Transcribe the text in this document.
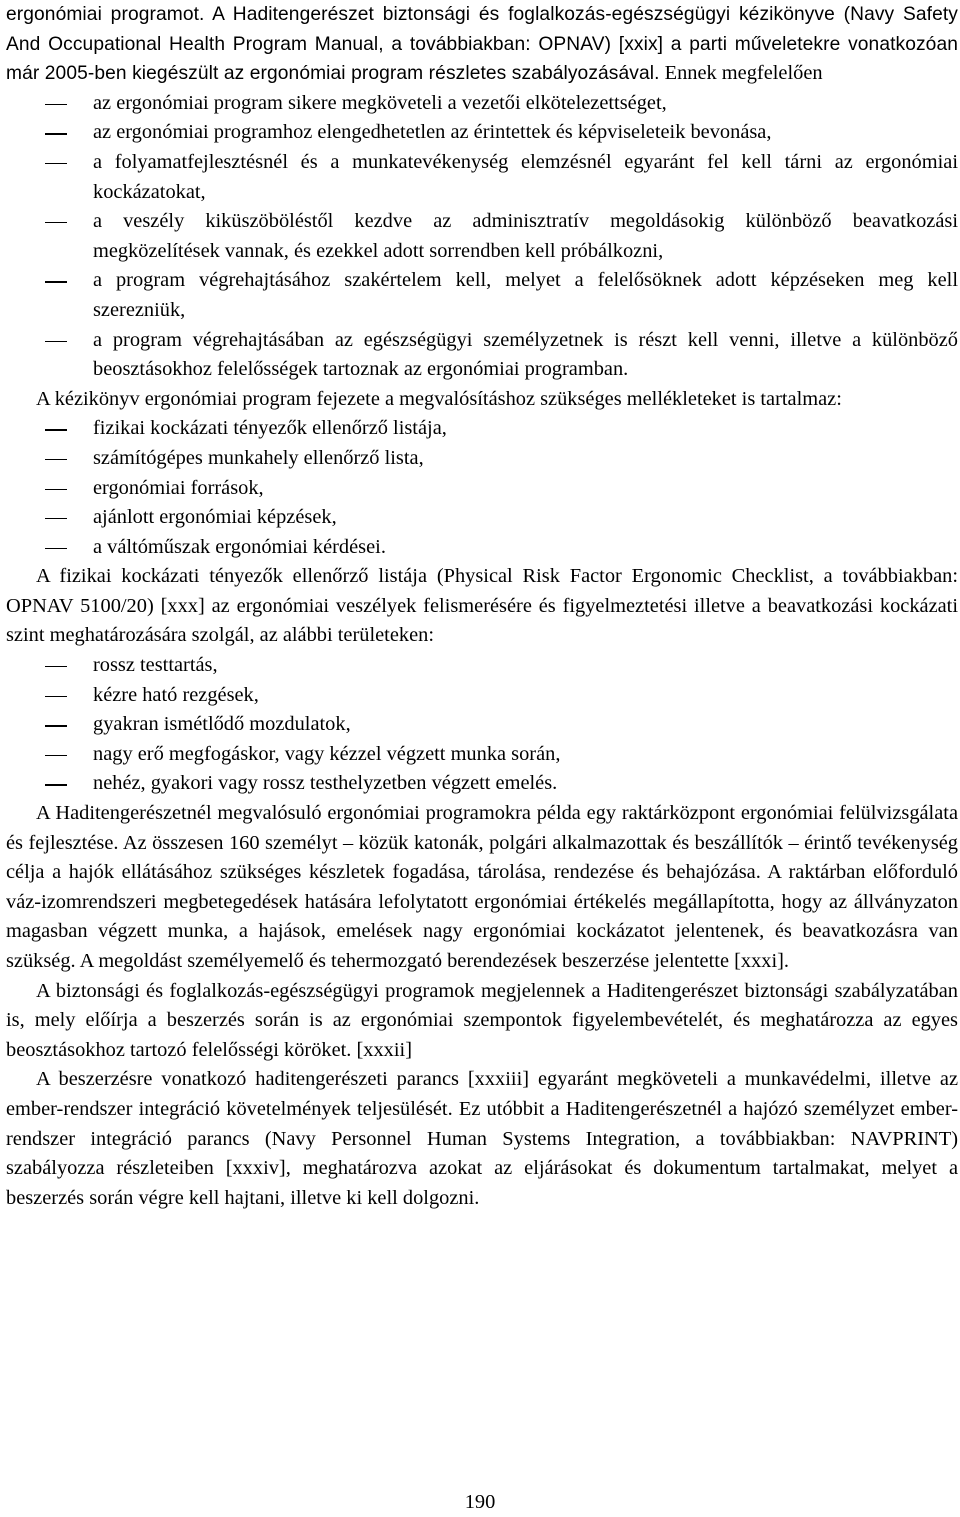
ergonómiai programot. A Haditengerészet biztonsági és foglalkozás-egészségügyi kézikönyve (Navy Safety And Occupational Health Program Manual, a továbbiakban: OPNAV) [xxix] a parti műveletekre vonatkozóan már 2005-ben kiegészült az ergonómiai program részletes szabályozásával. Ennek megfelelően

az ergonómiai program sikere megköveteli a vezetői elkötelezettséget,
az ergonómiai programhoz elengedhetetlen az érintettek és képviseleteik bevonása,
a folyamatfejlesztésnél és a munkatevékenység elemzésnél egyaránt fel kell tárni az ergonómiai kockázatokat,
a veszély kiküszöböléstől kezdve az adminisztratív megoldásokig különböző beavatkozási megközelítések vannak, és ezekkel adott sorrendben kell próbálkozni,
a program végrehajtásához szakértelem kell, melyet a felelősöknek adott képzéseken meg kell szerezniük,
a program végrehajtásában az egészségügyi személyzetnek is részt kell venni, illetve a különböző beosztásokhoz felelősségek tartoznak az ergonómiai programban.

A kézikönyv ergonómiai program fejezete a megvalósításhoz szükséges mellékleteket is tartalmaz:

fizikai kockázati tényezők ellenőrző listája,
számítógépes munkahely ellenőrző lista,
ergonómiai források,
ajánlott ergonómiai képzések,
a váltóműszak ergonómiai kérdései.

A fizikai kockázati tényezők ellenőrző listája (Physical Risk Factor Ergonomic Checklist, a továbbiakban: OPNAV 5100/20) [xxx] az ergonómiai veszélyek felismerésére és figyelmeztetési illetve a beavatkozási kockázati szint meghatározására szolgál, az alábbi területeken:

rossz testtartás,
kézre ható rezgések,
gyakran ismétlődő mozdulatok,
nagy erő megfogáskor, vagy kézzel végzett munka során,
nehéz, gyakori vagy rossz testhelyzetben végzett emelés.

A Haditengerészetnél megvalósuló ergonómiai programokra példa egy raktárközpont ergonómiai felülvizsgálata és fejlesztése. Az összesen 160 személyt – közük katonák, polgári alkalmazottak és beszállítók – érintő tevékenység célja a hajók ellátásához szükséges készletek fogadása, tárolása, rendezése és behajózása. A raktárban előforduló váz-izomrendszeri megbetegedések hatására lefolytatott ergonómiai értékelés megállapította, hogy az állványzaton magasban végzett munka, a hajások, emelések nagy ergonómiai kockázatot jelentenek, és beavatkozásra van szükség. A megoldást személyemelő és tehermozgató berendezések beszerzése jelentette [xxxi].

A biztonsági és foglalkozás-egészségügyi programok megjelennek a Haditengerészet biztonsági szabályzatában is, mely előírja a beszerzés során is az ergonómiai szempontok figyelembevételét, és meghatározza az egyes beosztásokhoz tartozó felelősségi köröket. [xxxii]

A beszerzésre vonatkozó haditengerészeti parancs [xxxiii] egyaránt megköveteli a munkavédelmi, illetve az ember-rendszer integráció követelmények teljesülését. Ez utóbbit a Haditengerészetnél a hajózó személyzet ember-rendszer integráció parancs (Navy Personnel Human Systems Integration, a továbbiakban: NAVPRINT) szabályozza részleteiben [xxxiv], meghatározva azokat az eljárásokat és dokumentum tartalmakat, melyet a beszerzés során végre kell hajtani, illetve ki kell dolgozni.

190
